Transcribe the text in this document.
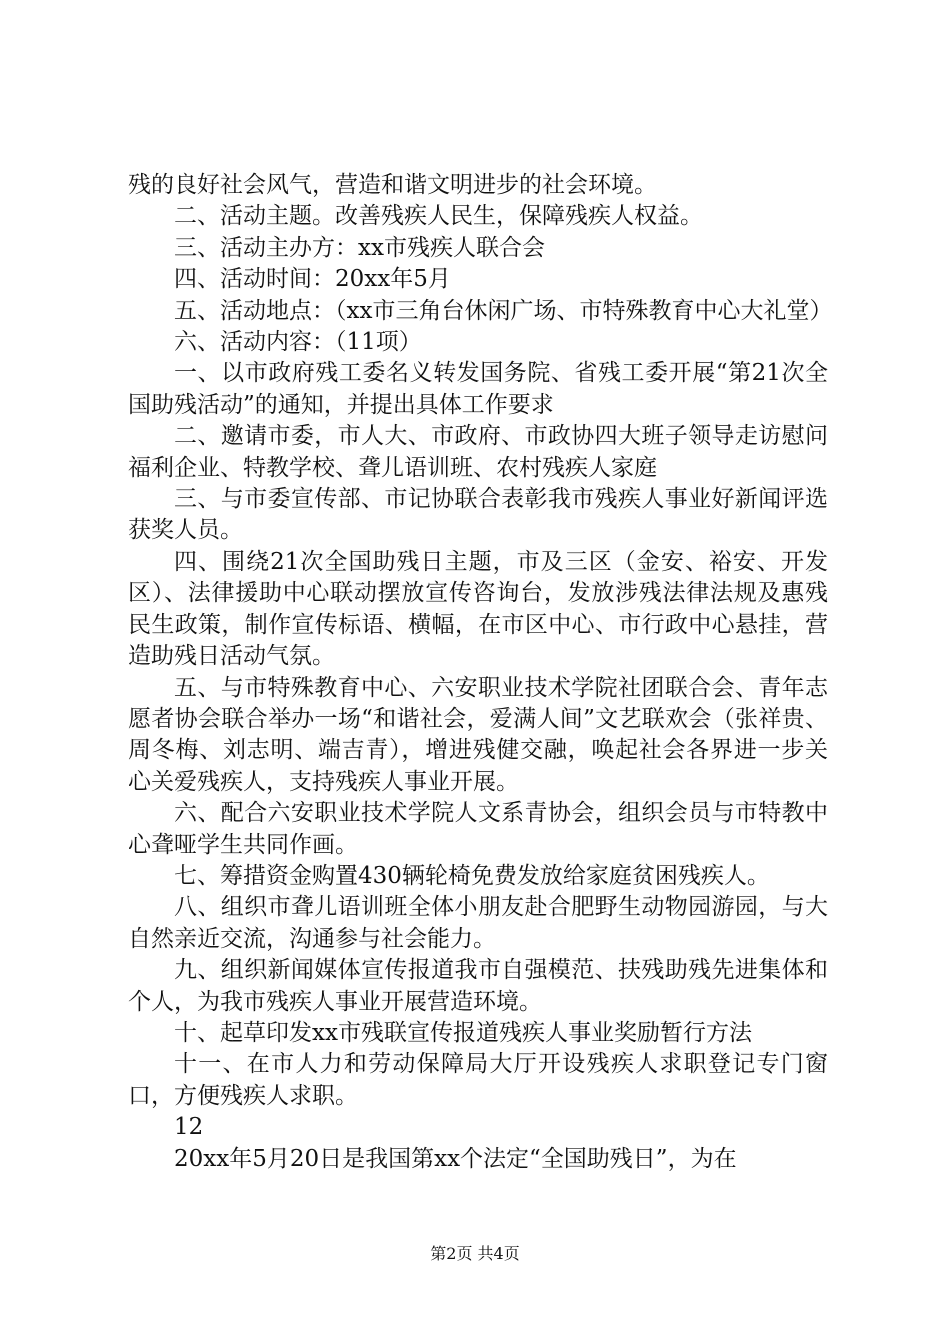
残的良好社会风气，营造和谐文明进步的社会环境。

二、活动主题。改善残疾人民生，保障残疾人权益。

三、活动主办方：xx市残疾人联合会

四、活动时间：20xx年5月

五、活动地点：（xx市三角台休闲广场、市特殊教育中心大礼堂）

六、活动内容：（11项）

一、以市政府残工委名义转发国务院、省残工委开展“第21次全国助残活动”的通知，并提出具体工作要求

二、邀请市委，市人大、市政府、市政协四大班子领导走访慰问福利企业、特教学校、聋儿语训班、农村残疾人家庭

三、与市委宣传部、市记协联合表彰我市残疾人事业好新闻评选获奖人员。

四、围绕21次全国助残日主题，市及三区（金安、裕安、开发区）、法律援助中心联动摆放宣传咨询台，发放涉残法律法规及惠残民生政策，制作宣传标语、横幅，在市区中心、市行政中心悬挂，营造助残日活动气氛。

五、与市特殊教育中心、六安职业技术学院社团联合会、青年志愿者协会联合举办一场“和谐社会，爱满人间”文艺联欢会（张祥贵、周冬梅、刘志明、端吉青），增进残健交融，唤起社会各界进一步关心关爱残疾人，支持残疾人事业开展。

六、配合六安职业技术学院人文系青协会，组织会员与市特教中心聋哑学生共同作画。

七、筹措资金购置430辆轮椅免费发放给家庭贫困残疾人。

八、组织市聋儿语训班全体小朋友赴合肥野生动物园游园，与大自然亲近交流，沟通参与社会能力。

九、组织新闻媒体宣传报道我市自强模范、扶残助残先进集体和个人，为我市残疾人事业开展营造环境。

十、起草印发xx市残联宣传报道残疾人事业奖励暂行方法

十一、在市人力和劳动保障局大厅开设残疾人求职登记专门窗口，方便残疾人求职。

12

20xx年5月20日是我国第xx个法定“全国助残日”，为在

第2页 共4页
